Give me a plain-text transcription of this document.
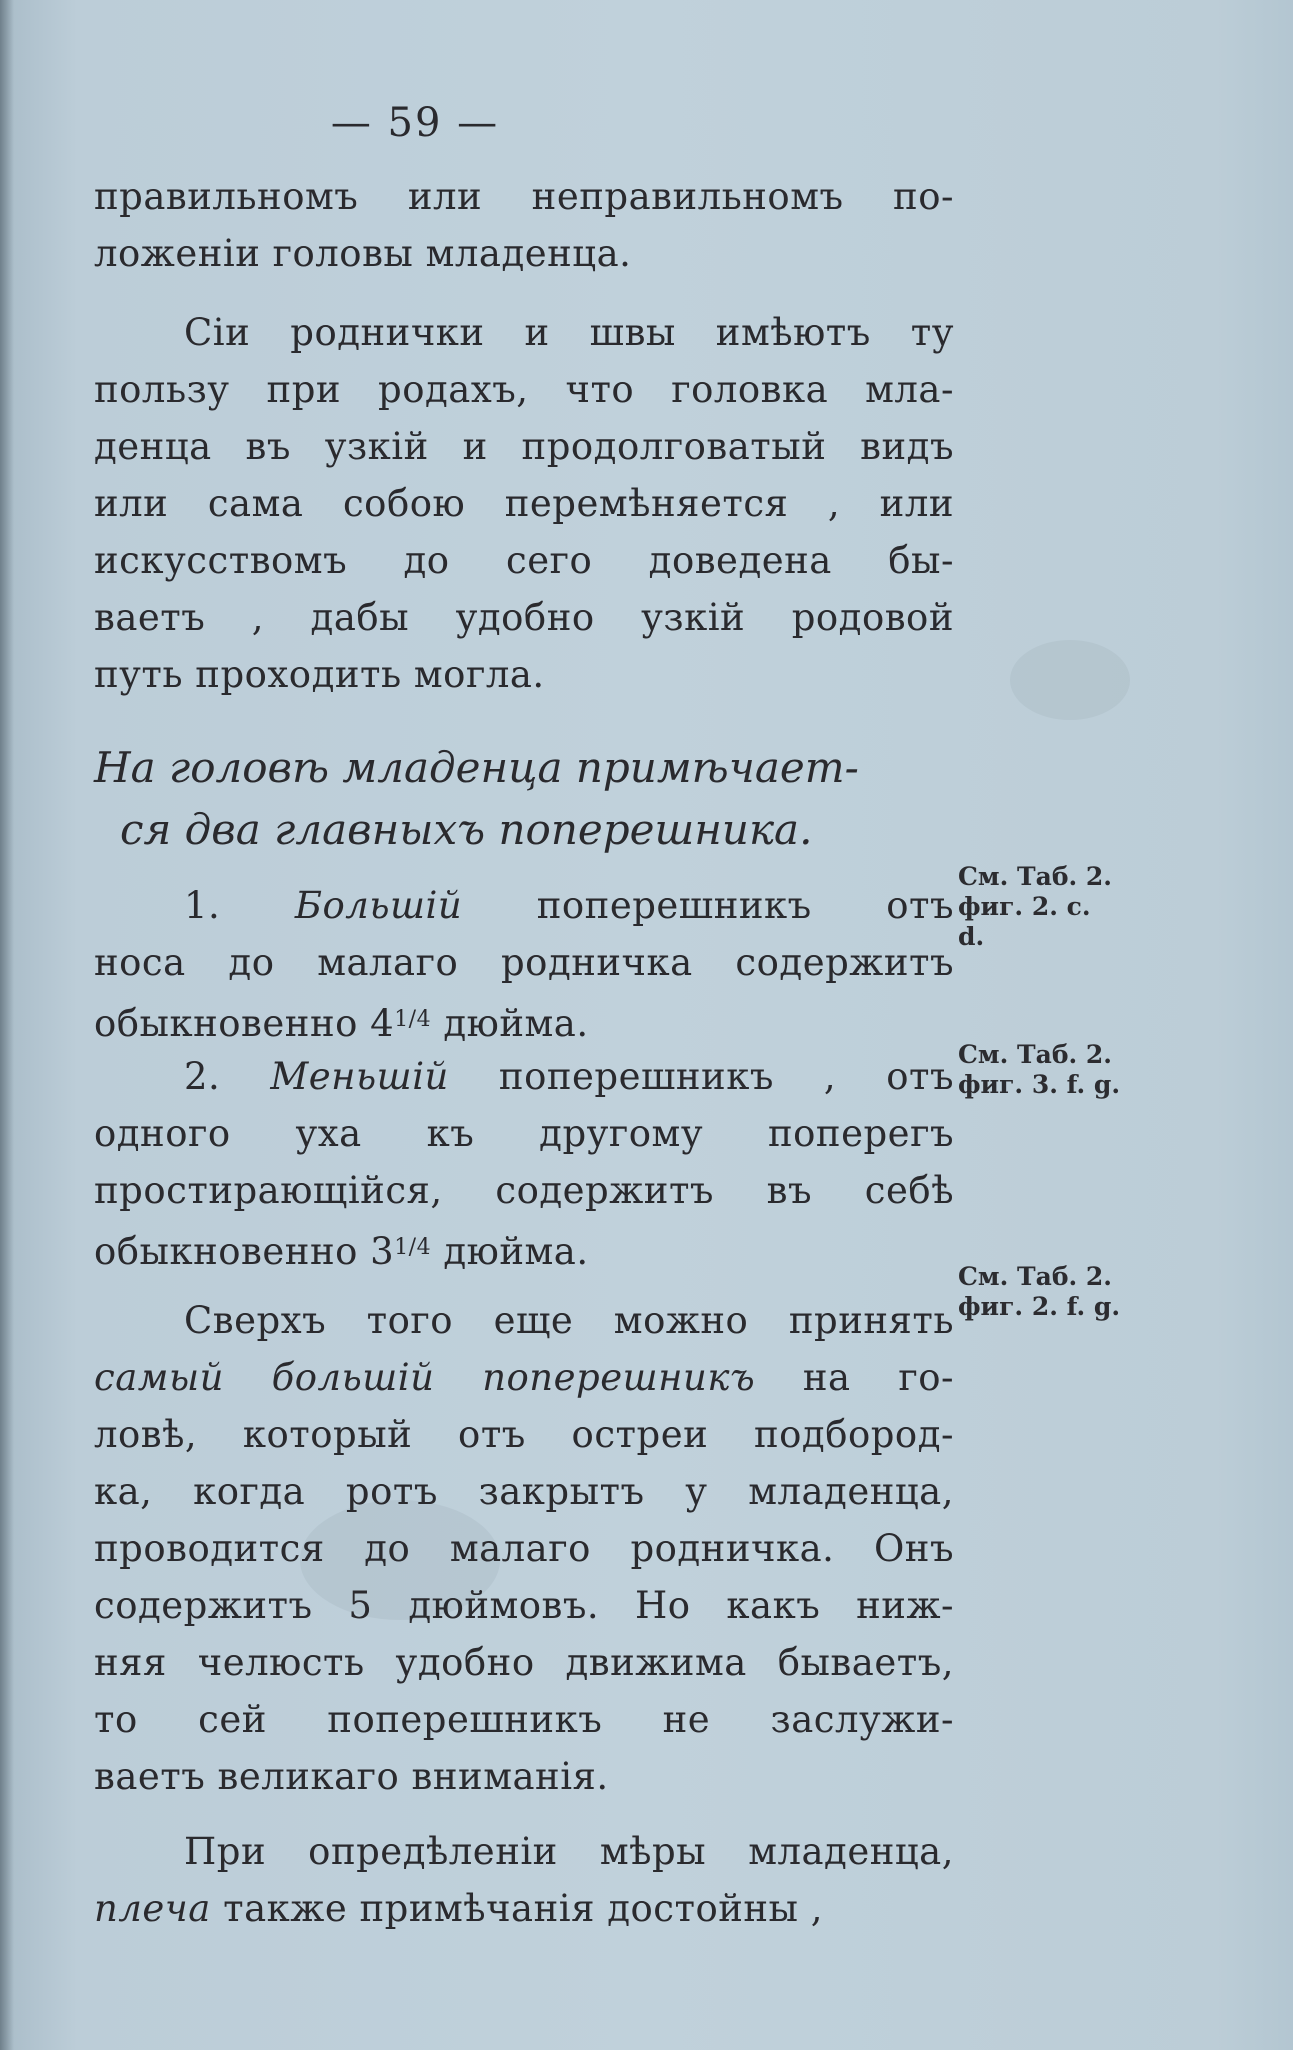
— 59 —
правильномъ или неправильномъ по-
ложенiи головы младенца.
Сiи роднички и швы имѣютъ ту
пользу при родахъ, что головка мла-
денца въ узкiй и продолговатый видъ
или сама собою перемѣняется , или
искусствомъ до сего доведена бы-
ваетъ , дабы удобно узкiй родовой
путь проходить могла.
На головѣ младенца примѣчает-
ся два главныхъ поперешника.
1. Большiй поперешникъ отъ
носа до малаго родничка содержитъ
обыкновенно $4^{1/4}$ дюйма.
2. Меньшiй поперешникъ , отъ
одного уха къ другому поперегъ
простирающiйся, содержитъ въ себѣ
обыкновенно $3^{1/4}$ дюйма.
Сверхъ того еще можно принять
самый большiй поперешникъ на го-
ловѣ, который отъ остреи подбород-
ка, когда ротъ закрытъ у младенца,
проводится до малаго родничка. Онъ
содержитъ 5 дюймовъ. Но какъ ниж-
няя челюсть удобно движима бываетъ,
то сей поперешникъ не заслужи-
ваетъ великаго вниманiя.
При опредѣленiи мѣры младенца,
плеча также примѣчанiя достойны ,
См. Таб. 2.
фиг. 2. c.
d.
См. Таб. 2.
фиг. 3. f. g.
См. Таб. 2.
фиг. 2. f. g.
